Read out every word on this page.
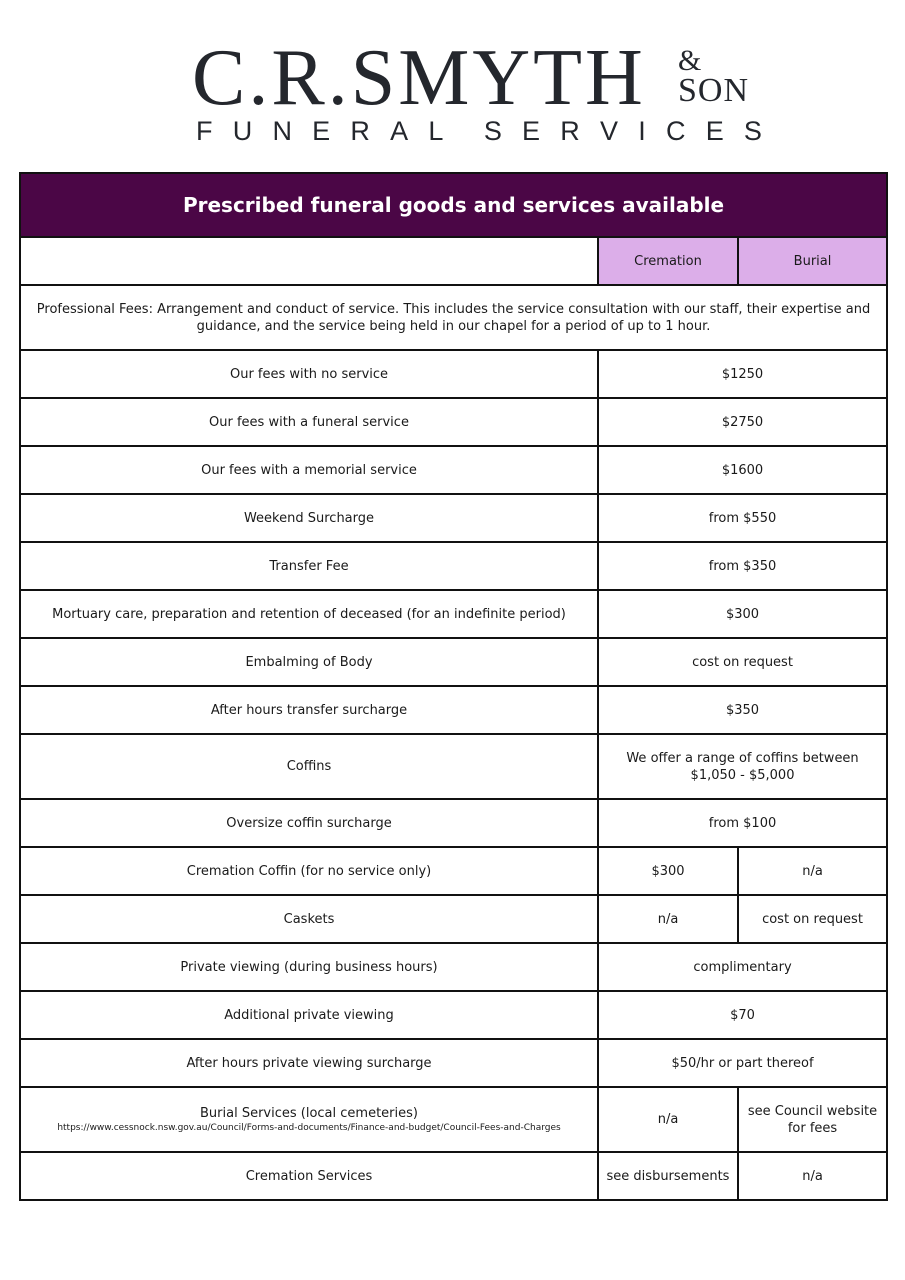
C.R.SMYTH &
SON
F U N E R A L S E R V I C E S
Prescribed funeral goods and services available		
	Cremation	Burial
Professional Fees: Arrangement and conduct of service. This includes the service consultation with our staff, their expertise and guidance, and the service being held in our chapel for a period of up to 1 hour.		
Our fees with no service	$1250	
Our fees with a funeral service	$2750	
Our fees with a memorial service	$1600	
Weekend Surcharge	from $550	
Transfer Fee	from $350	
Mortuary care, preparation and retention of deceased (for an indefinite period)	$300	
Embalming of Body	cost on request	
After hours transfer surcharge	$350	
Coffins	We offer a range of coffins between $1,050 - $5,000	
Oversize coffin surcharge	from $100	
Cremation Coffin (for no service only)	$300	n/a
Caskets	n/a	cost on request
Private viewing (during business hours)	complimentary	
Additional private viewing	$70	
After hours private viewing surcharge	$50/hr or part thereof	
Burial Services (local cemeteries)
https://www.cessnock.nsw.gov.au/Council/Forms-and-documents/Finance-and-budget/Council-Fees-and-Charges	n/a	see Council website for fees
Cremation Services	see disbursements	n/a
